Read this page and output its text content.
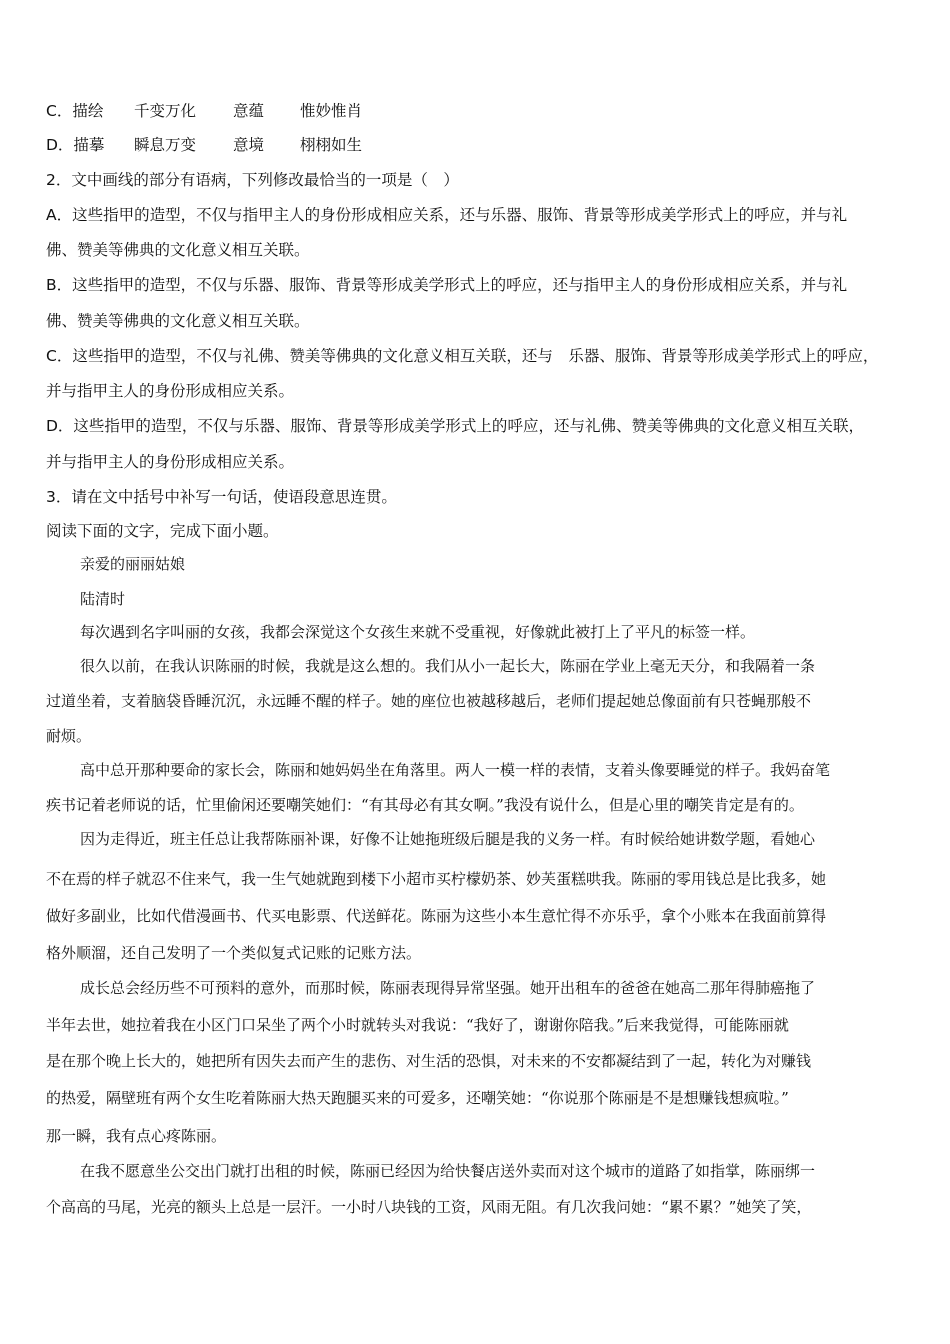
C．描绘 千变万化 意蕴 惟妙惟肖
D．描摹 瞬息万变 意境 栩栩如生
2．文中画线的部分有语病，下列修改最恰当的一项是（　）
A．这些指甲的造型，不仅与指甲主人的身份形成相应关系，还与乐器、服饰、背景等形成美学形式上的呼应，并与礼
佛、赞美等佛典的文化意义相互关联。
B．这些指甲的造型，不仅与乐器、服饰、背景等形成美学形式上的呼应，还与指甲主人的身份形成相应关系，并与礼
佛、赞美等佛典的文化意义相互关联。
C．这些指甲的造型，不仅与礼佛、赞美等佛典的文化意义相互关联，还与　乐器、服饰、背景等形成美学形式上的呼应，
并与指甲主人的身份形成相应关系。
D．这些指甲的造型，不仅与乐器、服饰、背景等形成美学形式上的呼应，还与礼佛、赞美等佛典的文化意义相互关联，
并与指甲主人的身份形成相应关系。
3．请在文中括号中补写一句话，使语段意思连贯。
阅读下面的文字，完成下面小题。
亲爱的丽丽姑娘
陆清时
每次遇到名字叫丽的女孩，我都会深觉这个女孩生来就不受重视，好像就此被打上了平凡的标签一样。
很久以前，在我认识陈丽的时候，我就是这么想的。我们从小一起长大，陈丽在学业上毫无天分，和我隔着一条
过道坐着，支着脑袋昏睡沉沉，永远睡不醒的样子。她的座位也被越移越后，老师们提起她总像面前有只苍蝇那般不
耐烦。
高中总开那种要命的家长会，陈丽和她妈妈坐在角落里。两人一模一样的表情，支着头像要睡觉的样子。我妈奋笔
疾书记着老师说的话，忙里偷闲还要嘲笑她们：“有其母必有其女啊。”我没有说什么，但是心里的嘲笑肯定是有的。
因为走得近，班主任总让我帮陈丽补课，好像不让她拖班级后腿是我的义务一样。有时候给她讲数学题，看她心
不在焉的样子就忍不住来气，我一生气她就跑到楼下小超市买柠檬奶茶、妙芙蛋糕哄我。陈丽的零用钱总是比我多，她
做好多副业，比如代借漫画书、代买电影票、代送鲜花。陈丽为这些小本生意忙得不亦乐乎，拿个小账本在我面前算得
格外顺溜，还自己发明了一个类似复式记账的记账方法。
成长总会经历些不可预料的意外，而那时候，陈丽表现得异常坚强。她开出租车的爸爸在她高二那年得肺癌拖了
半年去世，她拉着我在小区门口呆坐了两个小时就转头对我说：“我好了，谢谢你陪我。”后来我觉得，可能陈丽就
是在那个晚上长大的，她把所有因失去而产生的悲伤、对生活的恐惧，对未来的不安都凝结到了一起，转化为对赚钱
的热爱，隔壁班有两个女生吃着陈丽大热天跑腿买来的可爱多，还嘲笑她：“你说那个陈丽是不是想赚钱想疯啦。”
那一瞬，我有点心疼陈丽。
在我不愿意坐公交出门就打出租的时候，陈丽已经因为给快餐店送外卖而对这个城市的道路了如指掌，陈丽绑一
个高高的马尾，光亮的额头上总是一层汗。一小时八块钱的工资，风雨无阻。有几次我问她：“累不累？”她笑了笑，
